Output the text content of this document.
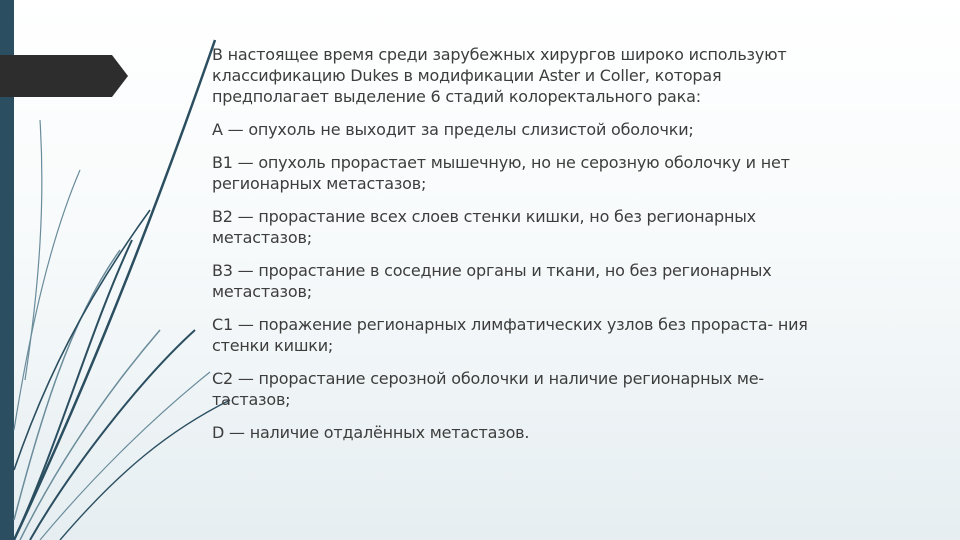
В настоящее время среди зарубежных хирургов широко используют
классификацию Dukes в модификации Aster и Coller, которая
предполагает выделение 6 стадий колоректального рака:
А — опухоль не выходит за пределы слизистой оболочки;
В1 — опухоль прорастает мышечную, но не серозную оболочку и нет
регионарных метастазов;
В2 — прорастание всех слоев стенки кишки, но без регионарных
метастазов;
В3 — прорастание в соседние органы и ткани, но без регионарных
метастазов;
С1 — поражение регионарных лимфатических узлов без прораста- ния
стенки кишки;
С2 — прорастание серозной оболочки и наличие регионарных ме-
тастазов;
D — наличие отдалённых метастазов.
